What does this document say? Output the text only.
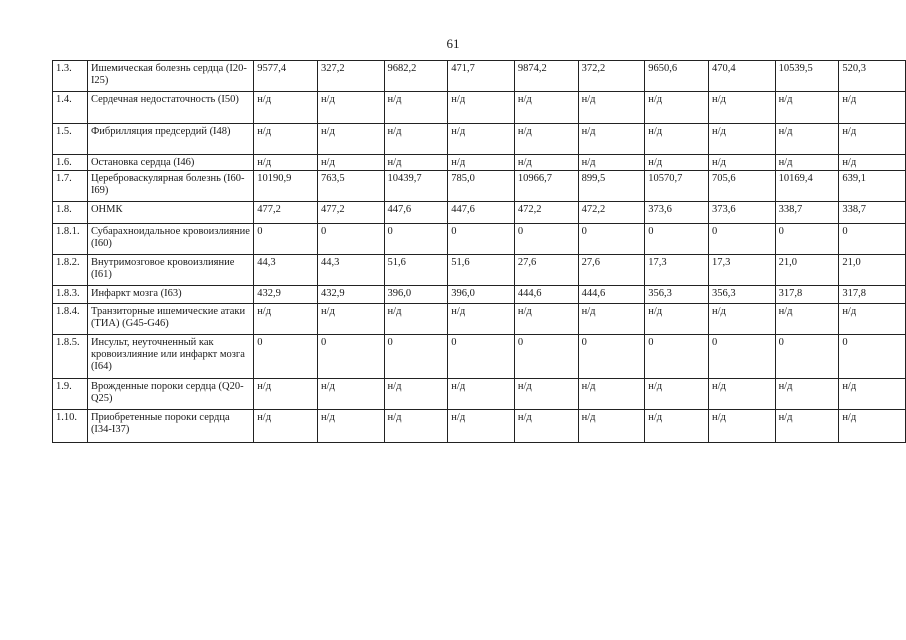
61
1.3.	Ишемическая болезнь сердца (I20-I25)	9577,4	327,2	9682,2	471,7	9874,2	372,2	9650,6	470,4	10539,5	520,3
1.4.	Сердечная недостаточность (I50)	н/д	н/д	н/д	н/д	н/д	н/д	н/д	н/д	н/д	н/д
1.5.	Фибрилляция предсердий (I48)	н/д	н/д	н/д	н/д	н/д	н/д	н/д	н/д	н/д	н/д
1.6.	Остановка сердца (I46)	н/д	н/д	н/д	н/д	н/д	н/д	н/д	н/д	н/д	н/д
1.7.	Цереброваскулярная болезнь (I60-I69)	10190,9	763,5	10439,7	785,0	10966,7	899,5	10570,7	705,6	10169,4	639,1
1.8.	ОНМК	477,2	477,2	447,6	447,6	472,2	472,2	373,6	373,6	338,7	338,7
1.8.1.	Субарахноидальное кровоизлияние (I60)	0	0	0	0	0	0	0	0	0	0
1.8.2.	Внутримозговое кровоизлияние (I61)	44,3	44,3	51,6	51,6	27,6	27,6	17,3	17,3	21,0	21,0
1.8.3.	Инфаркт мозга (I63)	432,9	432,9	396,0	396,0	444,6	444,6	356,3	356,3	317,8	317,8
1.8.4.	Транзиторные ишемические атаки (ТИА) (G45-G46)	н/д	н/д	н/д	н/д	н/д	н/д	н/д	н/д	н/д	н/д
1.8.5.	Инсульт, неуточненный как кровоизлияние или инфаркт мозга (I64)	0	0	0	0	0	0	0	0	0	0
1.9.	Врожденные пороки сердца (Q20-Q25)	н/д	н/д	н/д	н/д	н/д	н/д	н/д	н/д	н/д	н/д
1.10.	Приобретенные пороки сердца (I34-I37)	н/д	н/д	н/д	н/д	н/д	н/д	н/д	н/д	н/д	н/д
